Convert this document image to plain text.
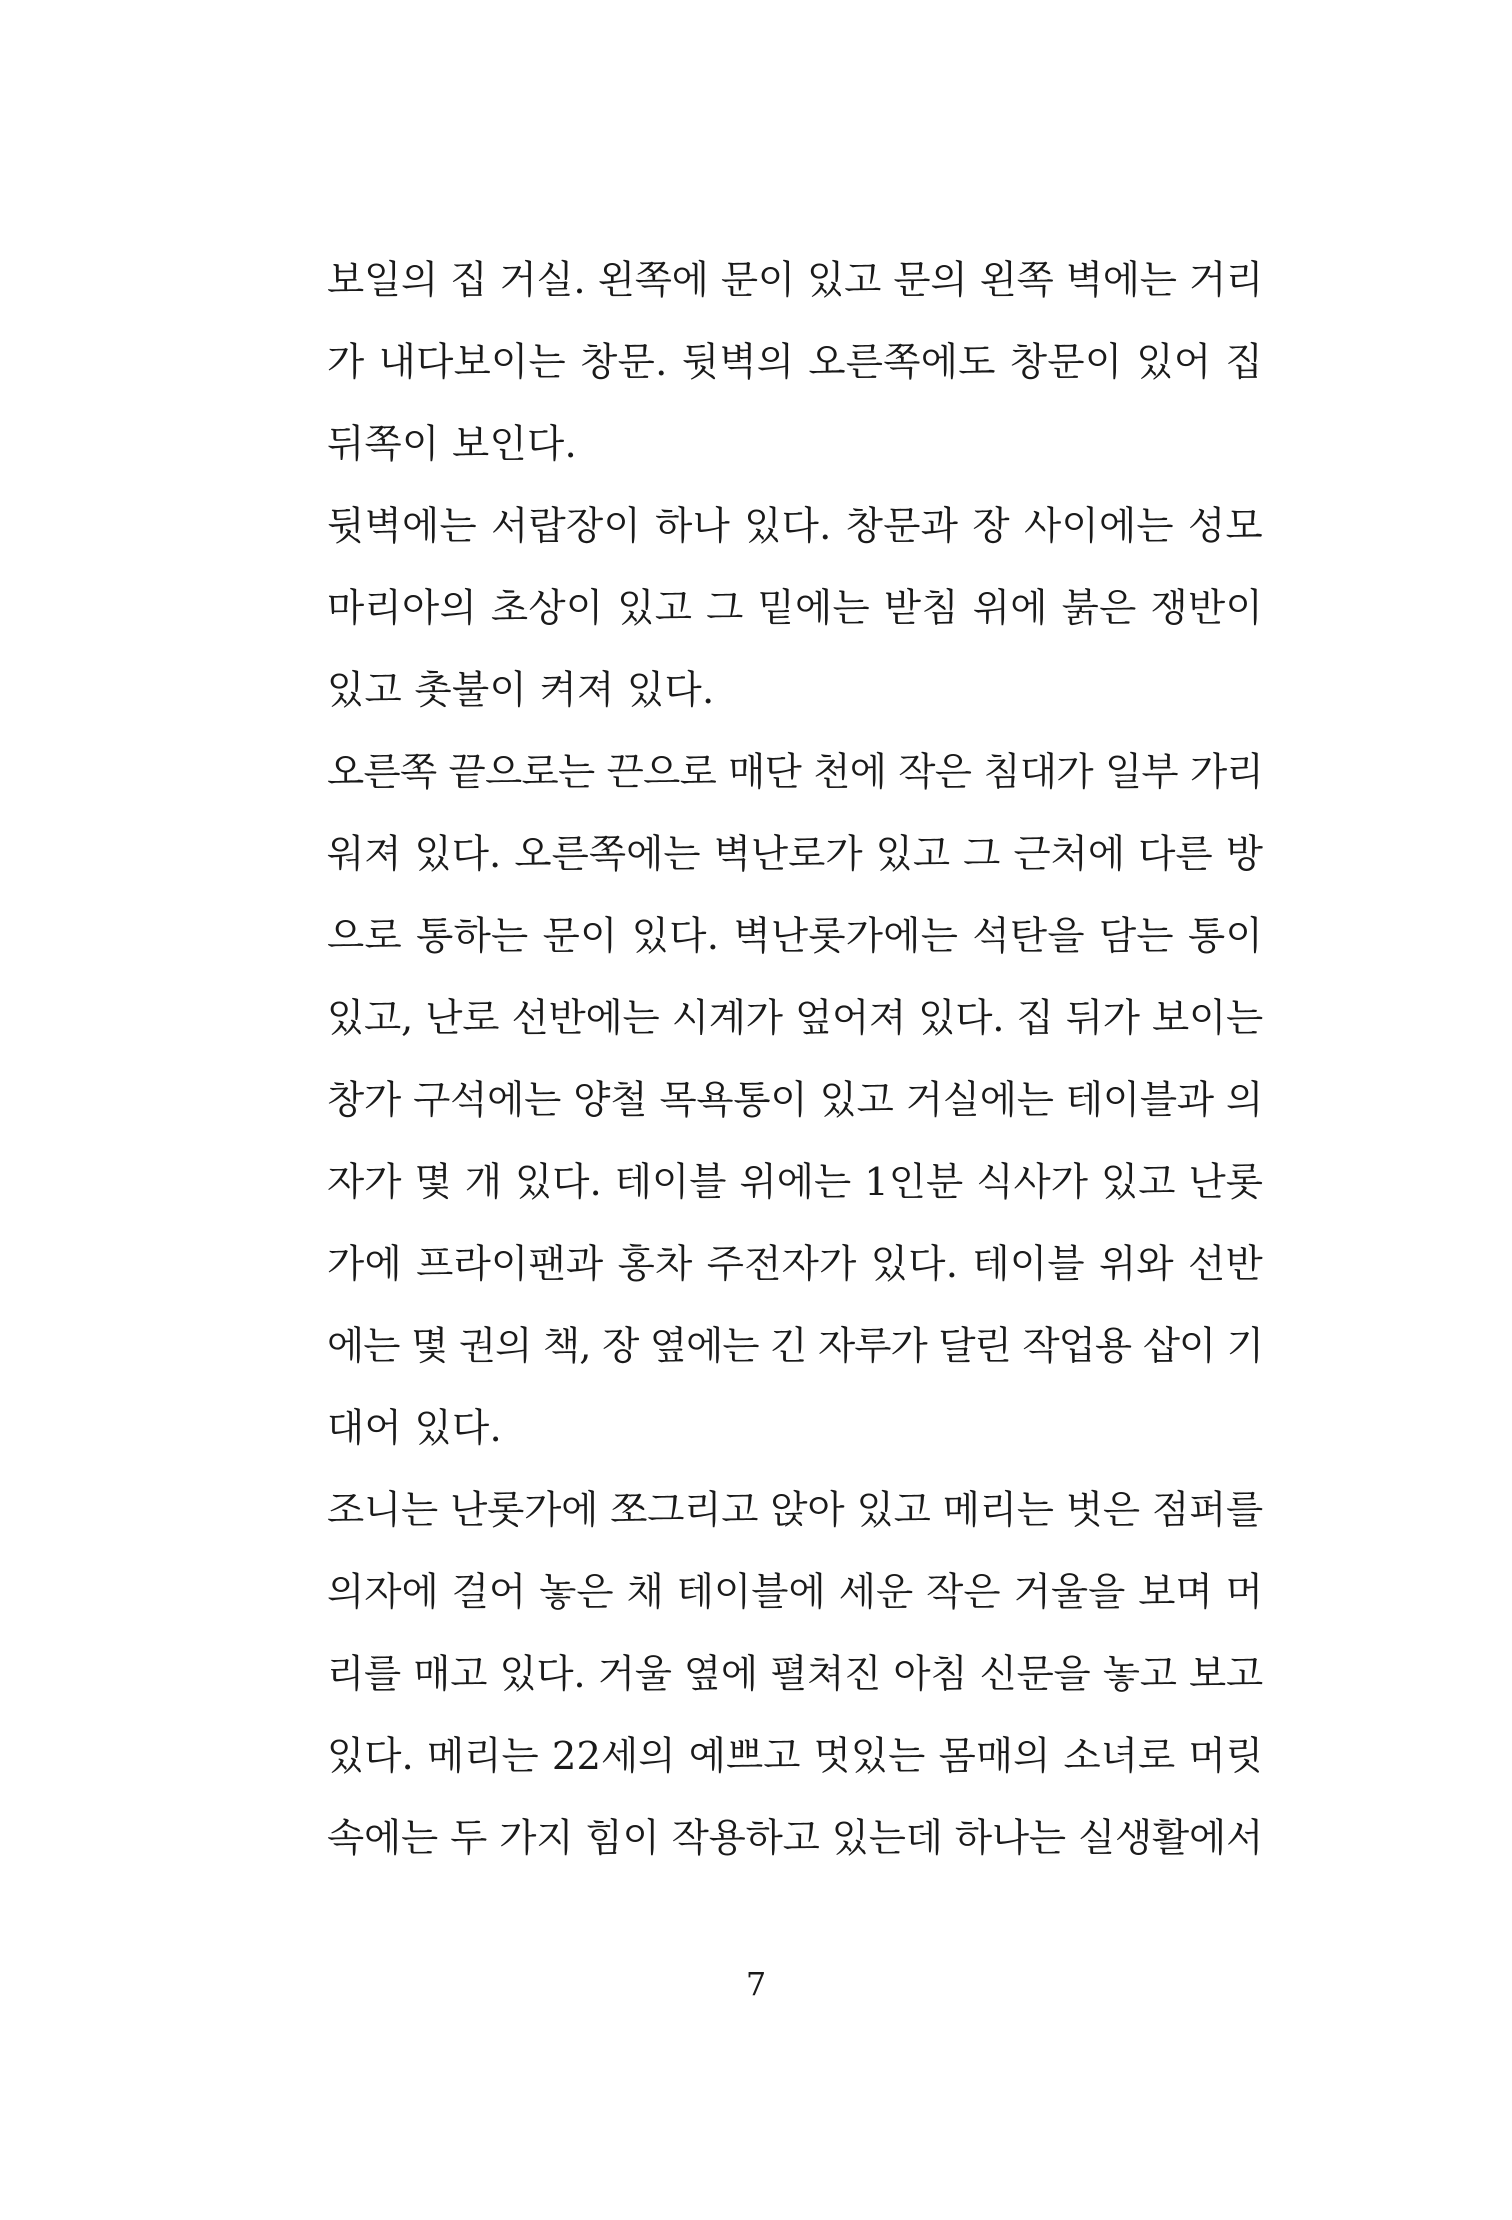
보일의 집 거실. 왼쪽에 문이 있고 문의 왼쪽 벽에는 거리
가 내다보이는 창문. 뒷벽의 오른쪽에도 창문이 있어 집
뒤쪽이 보인다.

뒷벽에는 서랍장이 하나 있다. 창문과 장 사이에는 성모
마리아의 초상이 있고 그 밑에는 받침 위에 붉은 쟁반이
있고 촛불이 켜져 있다.

오른쪽 끝으로는 끈으로 매단 천에 작은 침대가 일부 가리
워져 있다. 오른쪽에는 벽난로가 있고 그 근처에 다른 방
으로 통하는 문이 있다. 벽난롯가에는 석탄을 담는 통이
있고, 난로 선반에는 시계가 엎어져 있다. 집 뒤가 보이는
창가 구석에는 양철 목욕통이 있고 거실에는 테이블과 의
자가 몇 개 있다. 테이블 위에는 1인분 식사가 있고 난롯
가에 프라이팬과 홍차 주전자가 있다. 테이블 위와 선반
에는 몇 권의 책, 장 옆에는 긴 자루가 달린 작업용 삽이 기
대어 있다.

조니는 난롯가에 쪼그리고 앉아 있고 메리는 벗은 점퍼를
의자에 걸어 놓은 채 테이블에 세운 작은 거울을 보며 머
리를 매고 있다. 거울 옆에 펼쳐진 아침 신문을 놓고 보고
있다. 메리는 22세의 예쁘고 멋있는 몸매의 소녀로 머릿
속에는 두 가지 힘이 작용하고 있는데 하나는 실생활에서

7
